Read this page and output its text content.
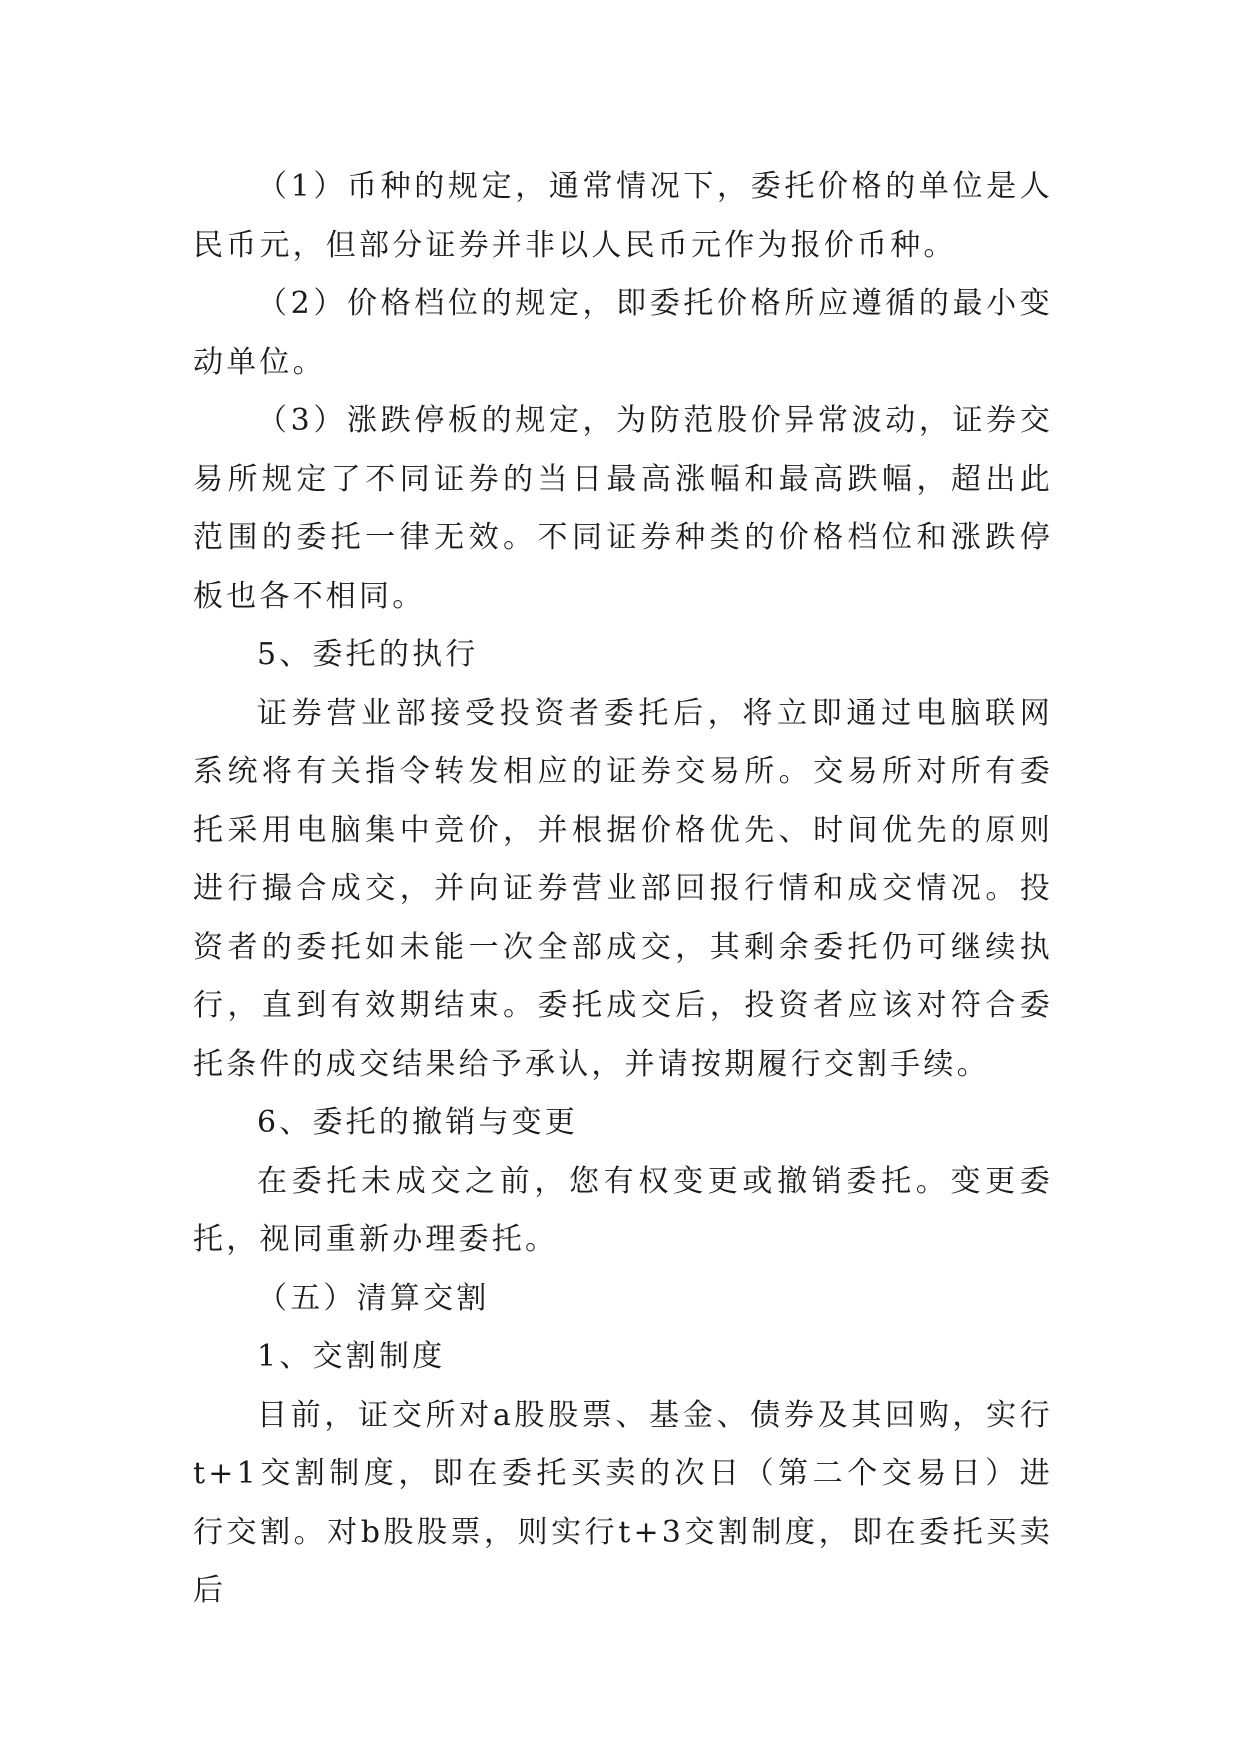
（1）币种的规定，通常情况下，委托价格的单位是人民币元，但部分证券并非以人民币元作为报价币种。

（2）价格档位的规定，即委托价格所应遵循的最小变动单位。

（3）涨跌停板的规定，为防范股价异常波动，证券交易所规定了不同证券的当日最高涨幅和最高跌幅，超出此范围的委托一律无效。不同证券种类的价格档位和涨跌停板也各不相同。

5、委托的执行

证券营业部接受投资者委托后，将立即通过电脑联网系统将有关指令转发相应的证券交易所。交易所对所有委托采用电脑集中竞价，并根据价格优先、时间优先的原则进行撮合成交，并向证券营业部回报行情和成交情况。投资者的委托如未能一次全部成交，其剩余委托仍可继续执行，直到有效期结束。委托成交后，投资者应该对符合委托条件的成交结果给予承认，并请按期履行交割手续。

6、委托的撤销与变更

在委托未成交之前，您有权变更或撤销委托。变更委托，视同重新办理委托。

（五）清算交割

1、交割制度

目前，证交所对a股股票、基金、债券及其回购，实行t+1交割制度，即在委托买卖的次日（第二个交易日）进行交割。对b股股票，则实行t+3交割制度，即在委托买卖后
